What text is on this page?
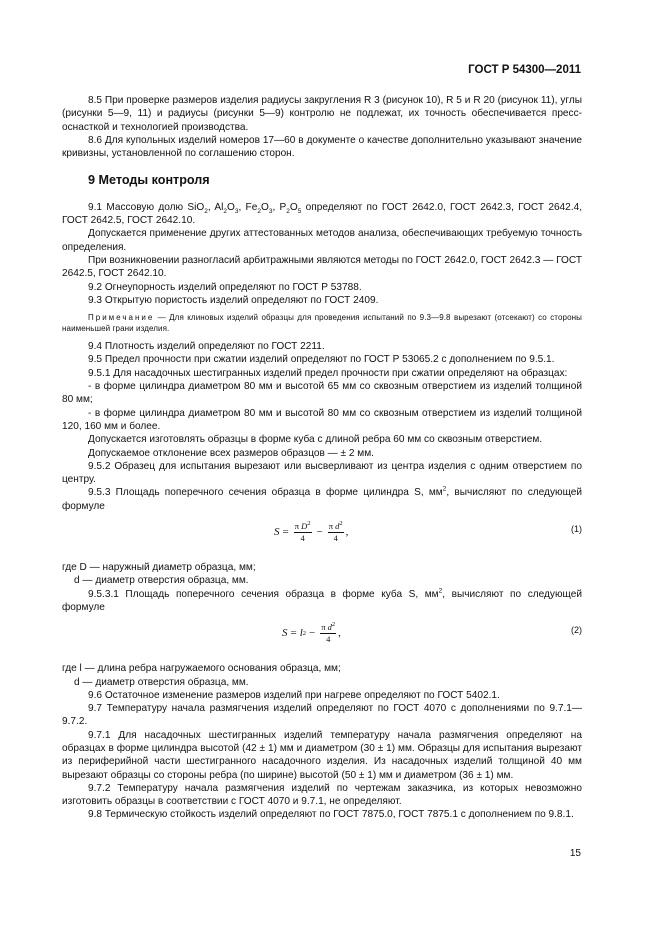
ГОСТ Р 54300—2011

8.5 При проверке размеров изделия радиусы закругления R 3 (рисунок 10), R 5 и R 20 (рисунок 11), углы (рисунки 5—9, 11) и радиусы (рисунки 5—9) контролю не подлежат, их точность обеспечивается пресс-оснасткой и технологией производства.

8.6 Для купольных изделий номеров 17—60 в документе о качестве дополнительно указывают значение кривизны, установленной по соглашению сторон.

9 Методы контроля

9.1 Массовую долю SiO$_2$, $Al_2O_3$, $Fe_2O_3$, $P_2O_5$ определяют по ГОСТ 2642.0, ГОСТ 2642.3, ГОСТ 2642.4, ГОСТ 2642.5, ГОСТ 2642.10.

Допускается применение других аттестованных методов анализа, обеспечивающих требуемую точность определения.

При возникновении разногласий арбитражными являются методы по ГОСТ 2642.0, ГОСТ 2642.3 — ГОСТ 2642.5, ГОСТ 2642.10.

9.2 Огнеупорность изделий определяют по ГОСТ Р 53788.

9.3 Открытую пористость изделий определяют по ГОСТ 2409.

Примечание — Для клиновых изделий образцы для проведения испытаний по 9.3—9.8 вырезают (отсекают) со стороны наименьшей грани изделия.

9.4 Плотность изделий определяют по ГОСТ 2211.

9.5 Предел прочности при сжатии изделий определяют по ГОСТ Р 53065.2 с дополнением по 9.5.1.

9.5.1 Для насадочных шестигранных изделий предел прочности при сжатии определяют на образцах:

- в форме цилиндра диаметром 80 мм и высотой 65 мм со сквозным отверстием из изделий толщиной 80 мм;

- в форме цилиндра диаметром 80 мм и высотой 80 мм со сквозным отверстием из изделий толщиной 120, 160 мм и более.

Допускается изготовлять образцы в форме куба с длиной ребра 60 мм со сквозным отверстием.

Допускаемое отклонение всех размеров образцов — ± 2 мм.

9.5.2 Образец для испытания вырезают или высверливают из центра изделия с одним отверстием по центру.

9.5.3 Площадь поперечного сечения образца в форме цилиндра S, $мм^2$, вычисляют по следующей формуле

$S = \frac{\pi D^2}{4} - \frac{\pi d^2}{4}$ ,	(1)

где D — наружный диаметр образца, мм;

d — диаметр отверстия образца, мм.

9.5.3.1 Площадь поперечного сечения образца в форме куба S, $мм^2$, вычисляют по следующей формуле

S = l $2 - \frac{\pi d^2}{4}$ ,	(2)

где l — длина ребра нагружаемого основания образца, мм;

d — диаметр отверстия образца, мм.

9.6 Остаточное изменение размеров изделий при нагреве определяют по ГОСТ 5402.1.

9.7 Температуру начала размягчения изделий определяют по ГОСТ 4070 с дополнениями по 9.7.1—9.7.2.

9.7.1 Для насадочных шестигранных изделий температуру начала размягчения определяют на образцах в форме цилиндра высотой (42 ± 1) мм и диаметром (30 ± 1) мм. Образцы для испытания вырезают из периферийной части шестигранного насадочного изделия. Из насадочных изделий толщиной 40 мм вырезают образцы со стороны ребра (по ширине) высотой (50 ± 1) мм и диаметром (36 ± 1) мм.

9.7.2 Температуру начала размягчения изделий по чертежам заказчика, из которых невозможно изготовить образцы в соответствии с ГОСТ 4070 и 9.7.1, не определяют.

9.8 Термическую стойкость изделий определяют по ГОСТ 7875.0, ГОСТ 7875.1 с дополнением по 9.8.1.

15
